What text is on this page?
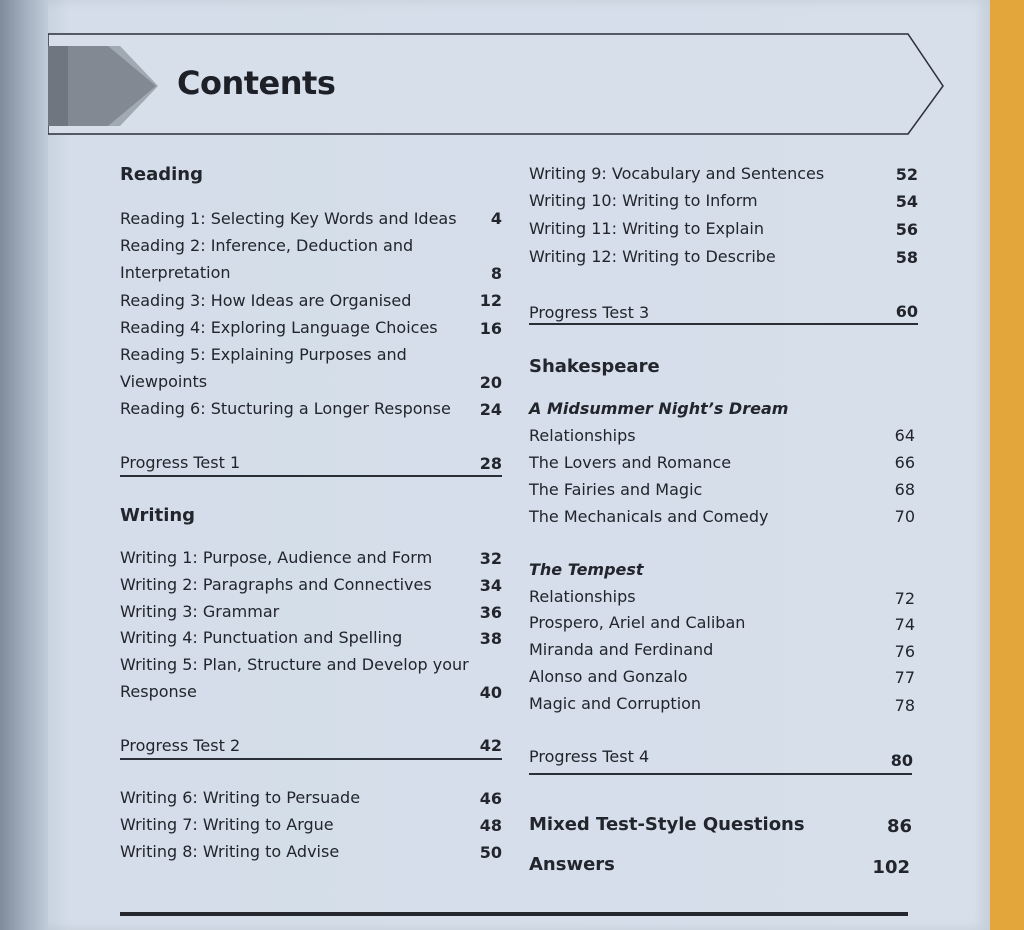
Contents
Reading
Reading 1: Selecting Key Words and Ideas	4
Reading 2: Inference, Deduction and
Interpretation	8
Reading 3: How Ideas are Organised	12
Reading 4: Exploring Language Choices	16
Reading 5: Explaining Purposes and
Viewpoints	20
Reading 6: Stucturing a Longer Response	24
Progress Test 1	28
Writing
Writing 1: Purpose, Audience and Form	32
Writing 2: Paragraphs and Connectives	34
Writing 3: Grammar	36
Writing 4: Punctuation and Spelling	38
Writing 5: Plan, Structure and Develop your
Response	40
Progress Test 2	42
Writing 6: Writing to Persuade	46
Writing 7: Writing to Argue	48
Writing 8: Writing to Advise	50
Writing 9: Vocabulary and Sentences	52
Writing 10: Writing to Inform	54
Writing 11: Writing to Explain	56
Writing 12: Writing to Describe	58
Progress Test 3	60
Shakespeare
A Midsummer Night’s Dream
Relationships	64
The Lovers and Romance	66
The Fairies and Magic	68
The Mechanicals and Comedy	70
The Tempest
Relationships	72
Prospero, Ariel and Caliban	74
Miranda and Ferdinand	76
Alonso and Gonzalo	77
Magic and Corruption	78
Progress Test 4	80
Mixed Test-Style Questions	86
Answers	102
